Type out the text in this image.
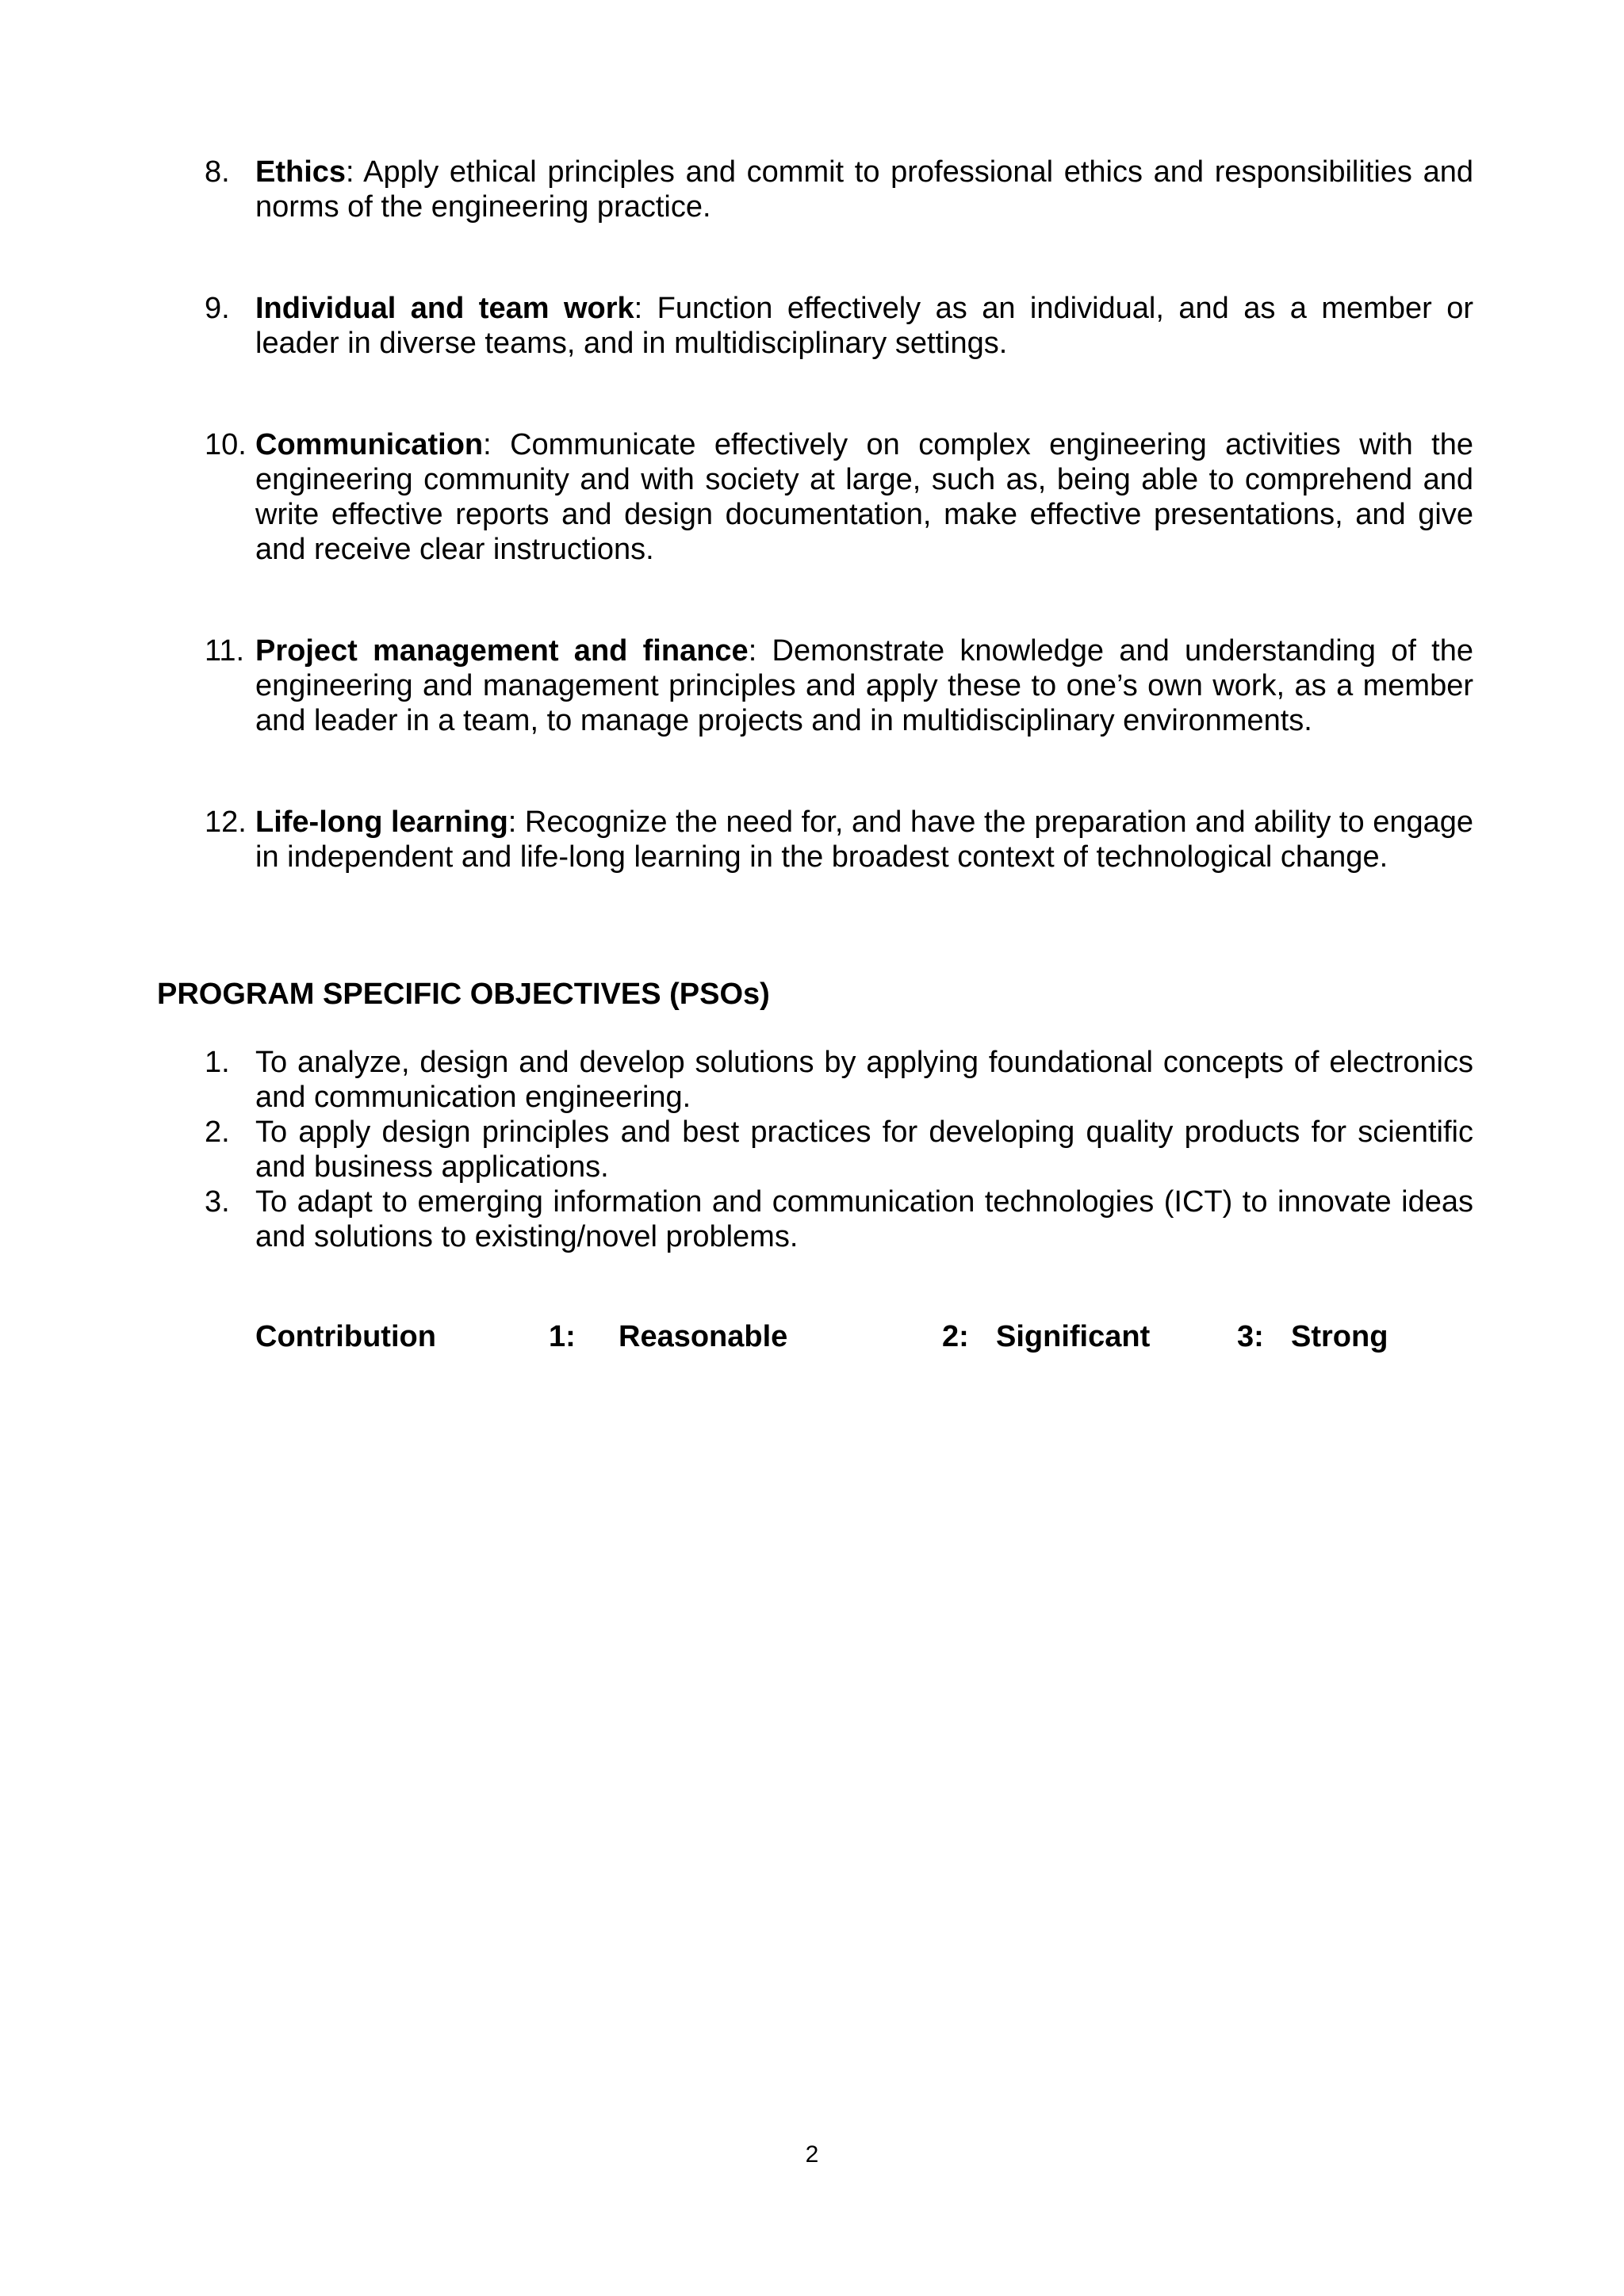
8. Ethics: Apply ethical principles and commit to professional ethics and responsibilities and norms of the engineering practice.
9. Individual and team work: Function effectively as an individual, and as a member or leader in diverse teams, and in multidisciplinary settings.
10. Communication: Communicate effectively on complex engineering activities with the engineering community and with society at large, such as, being able to comprehend and write effective reports and design documentation, make effective presentations, and give and receive clear instructions.
11. Project management and finance: Demonstrate knowledge and understanding of the engineering and management principles and apply these to one’s own work, as a member and leader in a team, to manage projects and in multidisciplinary environments.
12. Life-long learning: Recognize the need for, and have the preparation and ability to engage in independent and life-long learning in the broadest context of technological change.
PROGRAM SPECIFIC OBJECTIVES (PSOs)
1. To analyze, design and develop solutions by applying foundational concepts of electronics and communication engineering.
2. To apply design principles and best practices for developing quality products for scientific and business applications.
3. To adapt to emerging information and communication technologies (ICT) to innovate ideas and solutions to existing/novel problems.
Contribution	1: Reasonable	2: Significant	3: Strong
2
